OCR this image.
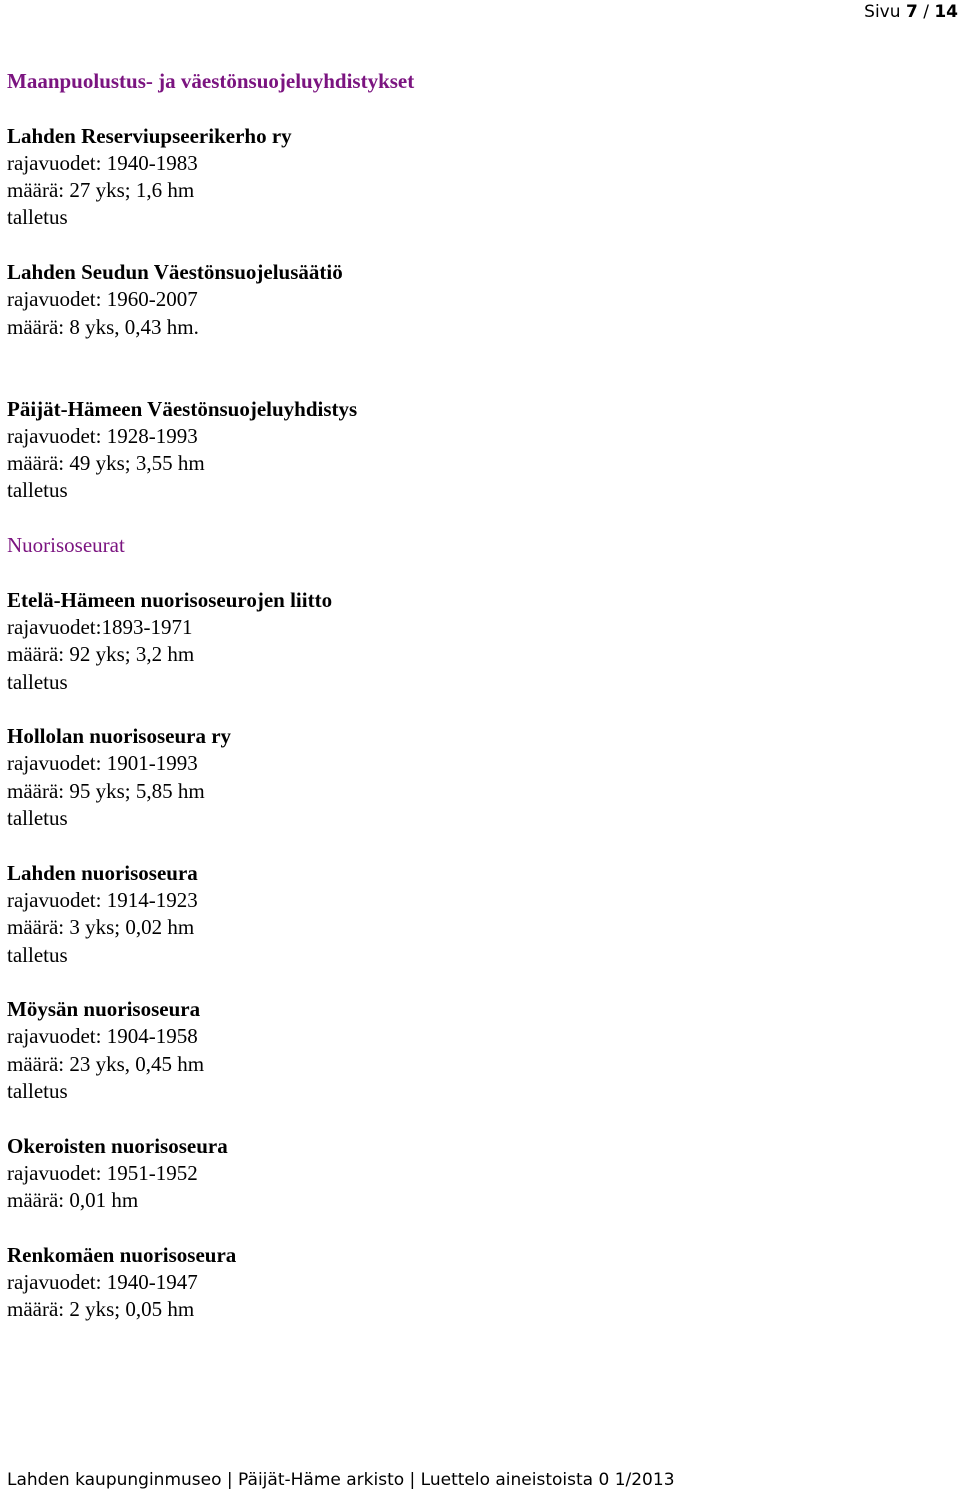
Sivu 7 / 14
Maanpuolustus- ja väestönsuojeluyhdistykset
Lahden Reserviupseerikerho ry
rajavuodet: 1940-1983
määrä: 27 yks; 1,6 hm
talletus
Lahden Seudun Väestönsuojelusäätiö
rajavuodet: 1960-2007
määrä: 8 yks, 0,43 hm.
Päijät-Hämeen Väestönsuojeluyhdistys
rajavuodet: 1928-1993
määrä: 49 yks; 3,55 hm
talletus
Nuorisoseurat
Etelä-Hämeen nuorisoseurojen liitto
rajavuodet:1893-1971
määrä: 92 yks; 3,2 hm
talletus
Hollolan nuorisoseura ry
rajavuodet: 1901-1993
määrä: 95 yks; 5,85 hm
talletus
Lahden nuorisoseura
rajavuodet: 1914-1923
määrä: 3 yks; 0,02 hm
talletus
Möysän nuorisoseura
rajavuodet: 1904-1958
määrä: 23 yks, 0,45 hm
talletus
Okeroisten nuorisoseura
rajavuodet: 1951-1952
määrä: 0,01 hm
Renkomäen nuorisoseura
rajavuodet: 1940-1947
määrä: 2 yks; 0,05 hm
Lahden kaupunginmuseo | Päijät-Häme arkisto | Luettelo aineistoista 0 1/2013
